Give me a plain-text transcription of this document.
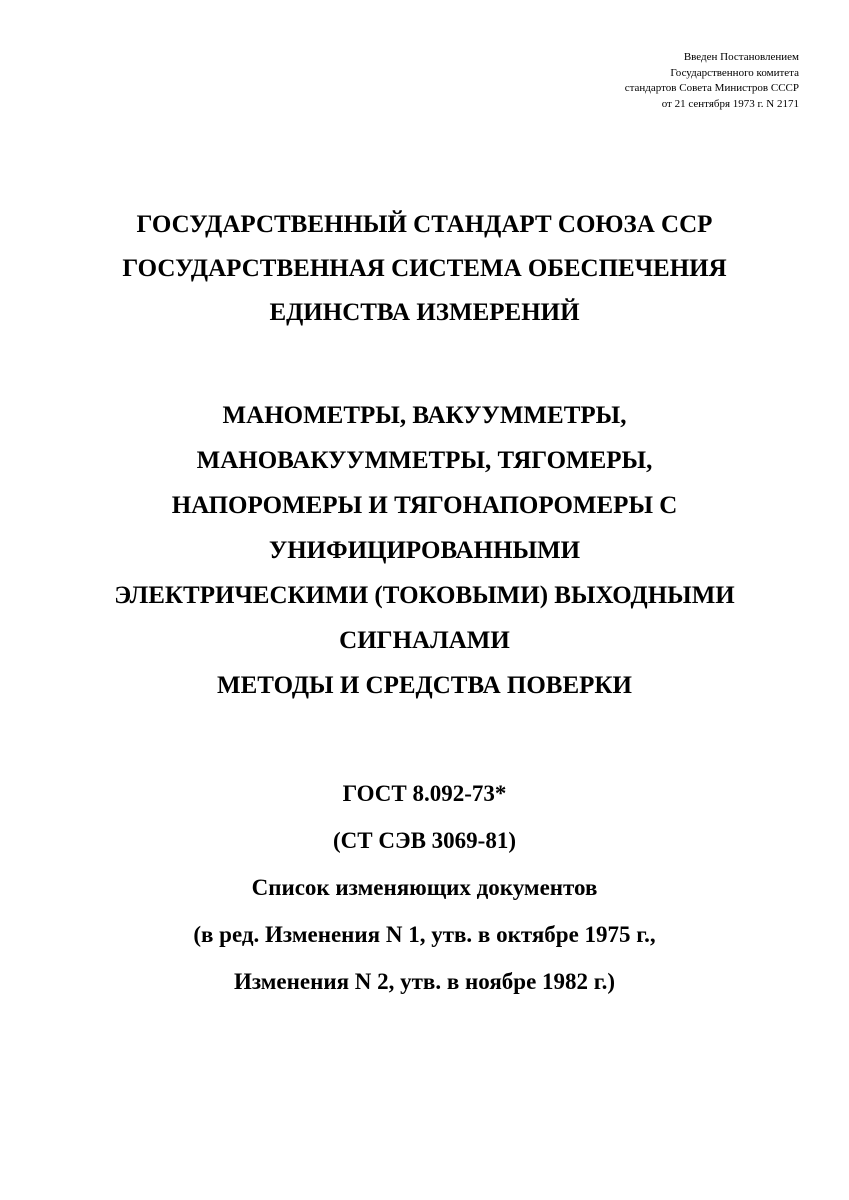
Введен Постановлением
Государственного комитета
стандартов Совета Министров СССР
от 21 сентября 1973 г. N 2171
ГОСУДАРСТВЕННЫЙ СТАНДАРТ СОЮЗА ССР
ГОСУДАРСТВЕННАЯ СИСТЕМА ОБЕСПЕЧЕНИЯ
ЕДИНСТВА ИЗМЕРЕНИЙ
МАНОМЕТРЫ, ВАКУУММЕТРЫ,
МАНОВАКУУММЕТРЫ, ТЯГОМЕРЫ,
НАПОРОМЕРЫ И ТЯГОНАПОРОМЕРЫ С
УНИФИЦИРОВАННЫМИ
ЭЛЕКТРИЧЕСКИМИ (ТОКОВЫМИ) ВЫХОДНЫМИ
СИГНАЛАМИ
МЕТОДЫ И СРЕДСТВА ПОВЕРКИ
ГОСТ 8.092-73*
(СТ СЭВ 3069-81)
Список изменяющих документов
(в ред. Изменения N 1, утв. в октябре 1975 г.,
Изменения N 2, утв. в ноябре 1982 г.)
